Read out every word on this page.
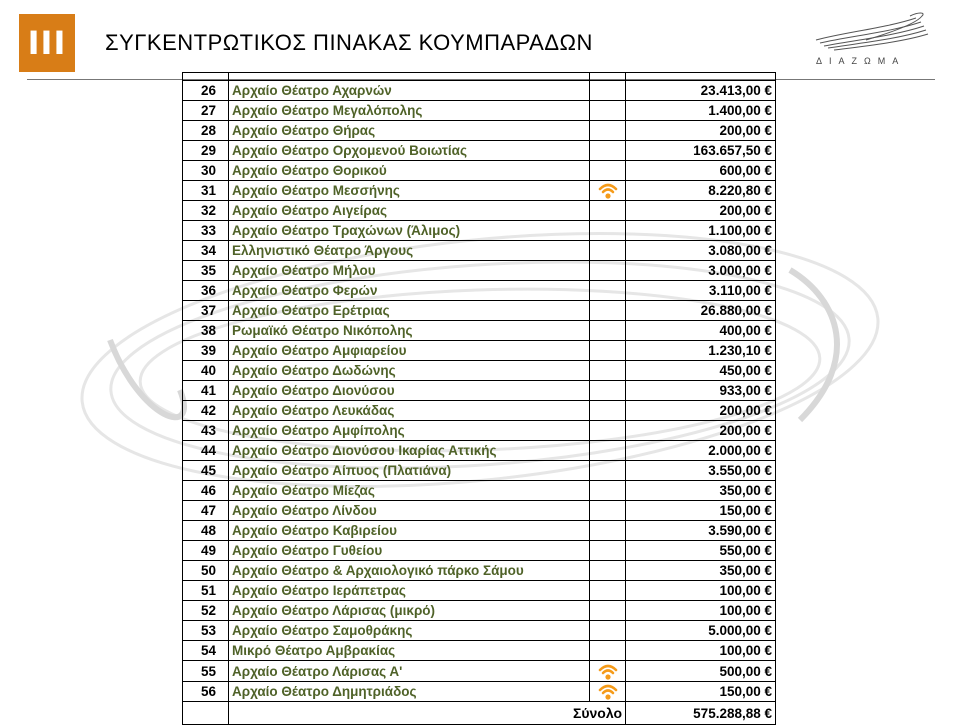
III ΣΥΓΚΕΝΤΡΩΤΙΚΟΣ ΠΙΝΑΚΑΣ ΚΟΥΜΠΑΡΑΔΩΝ
ΔΙΑΖΩΜΑ

26	Αρχαίο Θέατρο Αχαρνών		23.413,00 €
27	Αρχαίο Θέατρο Μεγαλόπολης		1.400,00 €
28	Αρχαίο Θέατρο Θήρας		200,00 €
29	Αρχαίο Θέατρο Ορχομενού Βοιωτίας		163.657,50 €
30	Αρχαίο Θέατρο Θορικού		600,00 €
31	Αρχαίο Θέατρο Μεσσήνης		8.220,80 €
32	Αρχαίο Θέατρο Αιγείρας		200,00 €
33	Αρχαίο Θέατρο Τραχώνων (Άλιμος)		1.100,00 €
34	Ελληνιστικό Θέατρο Άργους		3.080,00 €
35	Αρχαίο Θέατρο Μήλου		3.000,00 €
36	Αρχαίο Θέατρο Φερών		3.110,00 €
37	Αρχαίο Θέατρο Ερέτριας		26.880,00 €
38	Ρωμαϊκό Θέατρο Νικόπολης		400,00 €
39	Αρχαίο Θέατρο Αμφιαρείου		1.230,10 €
40	Αρχαίο Θέατρο Δωδώνης		450,00 €
41	Αρχαίο Θέατρο Διονύσου		933,00 €
42	Αρχαίο Θέατρο Λευκάδας		200,00 €
43	Αρχαίο Θέατρο Αμφίπολης		200,00 €
44	Αρχαίο Θέατρο Διονύσου Ικαρίας Αττικής		2.000,00 €
45	Αρχαίο Θέατρο Αίπυος (Πλατιάνα)		3.550,00 €
46	Αρχαίο Θέατρο Μίεζας		350,00 €
47	Αρχαίο Θέατρο Λίνδου		150,00 €
48	Αρχαίο Θέατρο Καβιρείου		3.590,00 €
49	Αρχαίο Θέατρο Γυθείου		550,00 €
50	Αρχαίο Θέατρο & Αρχαιολογικό πάρκο Σάμου		350,00 €
51	Αρχαίο Θέατρο Ιεράπετρας		100,00 €
52	Αρχαίο Θέατρο Λάρισας (μικρό)		100,00 €
53	Αρχαίο Θέατρο Σαμοθράκης		5.000,00 €
54	Μικρό Θέατρο Αμβρακίας		100,00 €
55	Αρχαίο Θέατρο Λάρισας Α'		500,00 €
56	Αρχαίο Θέατρο Δημητριάδος		150,00 €
	Σύνολο		575.288,88 €
